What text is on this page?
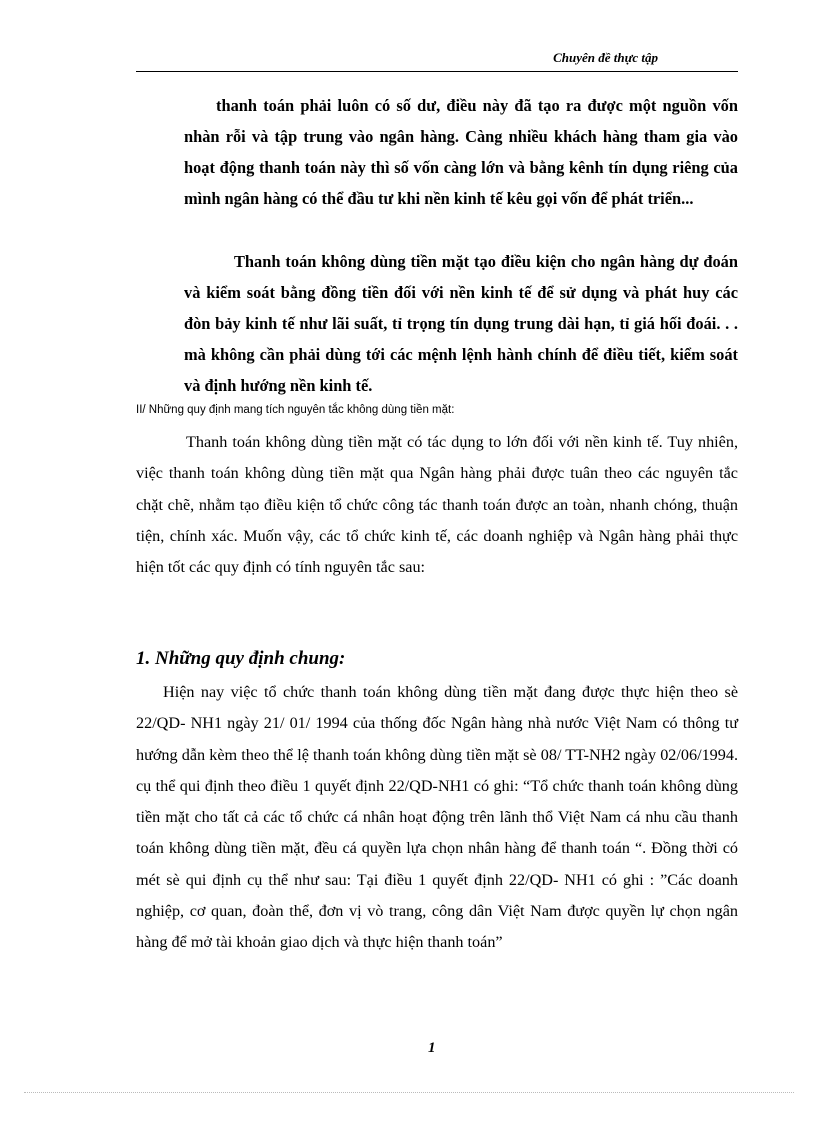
Chuyên đề thực tập

thanh toán phải luôn có số dư, điều này đã tạo ra được một nguồn vốn nhàn rỗi và tập trung vào ngân hàng. Càng nhiều khách hàng tham gia vào hoạt động thanh toán này thì số vốn càng lớn và bằng kênh tín dụng riêng của mình ngân hàng có thể đầu tư khi nền kinh tế kêu gọi vốn để phát triển...

Thanh toán không dùng tiền mặt tạo điều kiện cho ngân hàng dự đoán và kiểm soát bằng đồng tiền đối với nền kinh tế để sử dụng và phát huy các đòn bảy kinh tế như lãi suất, tỉ trọng tín dụng trung dài hạn, tỉ giá hối đoái. . . mà không cần phải dùng tới các mệnh lệnh hành chính để điều tiết, kiểm soát và định hướng nền kinh tế.

II/ Những quy định mang tích nguyên tắc không dùng tiền mặt:

Thanh toán không dùng tiền mặt có tác dụng to lớn đối với nền kinh tế. Tuy nhiên, việc thanh toán không dùng tiền mặt qua Ngân hàng phải được tuân theo các nguyên tắc chặt chẽ, nhằm tạo điều kiện tổ chức công tác thanh toán được an toàn, nhanh chóng, thuận tiện, chính xác. Muốn vậy, các tổ chức kinh tế, các doanh nghiệp và Ngân hàng phải thực hiện tốt các quy định có tính nguyên tắc sau:

1. Những quy định chung:

Hiện nay việc tổ chức thanh toán không dùng tiền mặt đang được thực hiện theo sè 22/QD- NH1 ngày 21/ 01/ 1994 của thống đốc Ngân hàng nhà nước Việt Nam có thông tư hướng dẫn kèm theo thể lệ thanh toán không dùng tiền mặt sè 08/ TT-NH2 ngày 02/06/1994. cụ thể qui định theo điều 1 quyết định 22/QD-NH1 có ghi: “Tổ chức thanh toán không dùng tiền mặt cho tất cả các tổ chức cá nhân hoạt động trên lãnh thổ Việt Nam cá nhu cầu thanh toán không dùng tiền mặt, đều cá quyền lựa chọn nhân hàng để thanh toán “. Đồng thời có mét sè qui định cụ thể như sau: Tại điều 1 quyết định 22/QD- NH1 có ghi : ”Các doanh nghiệp, cơ quan, đoàn thể, đơn vị vò trang, công dân Việt Nam được quyền lự chọn ngân hàng để mở tài khoản giao dịch và thực hiện thanh toán”

1
